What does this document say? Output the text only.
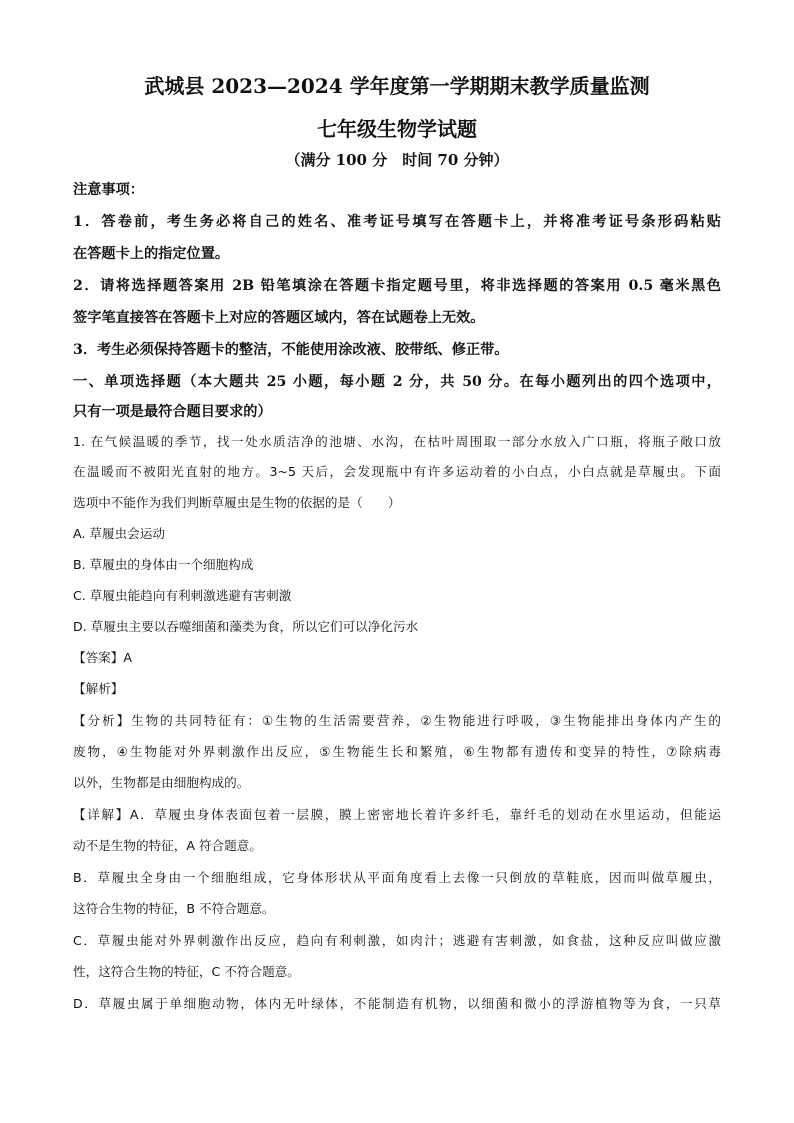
武城县 2023—2024 学年度第一学期期末教学质量监测
七年级生物学试题
（满分 100 分　时间 70 分钟）
注意事项：
1．答卷前，考生务必将自己的姓名、准考证号填写在答题卡上，并将准考证号条形码粘贴
在答题卡上的指定位置。
2．请将选择题答案用 2B 铅笔填涂在答题卡指定题号里，将非选择题的答案用 0.5 毫米黑色
签字笔直接答在答题卡上对应的答题区域内，答在试题卷上无效。
3．考生必须保持答题卡的整洁，不能使用涂改液、胶带纸、修正带。
一、单项选择题（本大题共 25 小题，每小题 2 分，共 50 分。在每小题列出的四个选项中，
只有一项是最符合题目要求的）
1. 在气候温暖的季节，找一处水质洁净的池塘、水沟，在枯叶周围取一部分水放入广口瓶，将瓶子敞口放
在温暖而不被阳光直射的地方。3~5 天后，会发现瓶中有许多运动着的小白点，小白点就是草履虫。下面
选项中不能作为我们判断草履虫是生物的依据的是（　　）
A. 草履虫会运动
B. 草履虫的身体由一个细胞构成
C. 草履虫能趋向有利刺激逃避有害刺激
D. 草履虫主要以吞噬细菌和藻类为食，所以它们可以净化污水
【答案】A
【解析】
【分析】生物的共同特征有：①生物的生活需要营养，②生物能进行呼吸，③生物能排出身体内产生的
废物，④生物能对外界刺激作出反应，⑤生物能生长和繁殖，⑥生物都有遗传和变异的特性，⑦除病毒
以外，生物都是由细胞构成的。
【详解】A．草履虫身体表面包着一层膜，膜上密密地长着许多纤毛，靠纤毛的划动在水里运动，但能运
动不是生物的特征，A 符合题意。
B．草履虫全身由一个细胞组成，它身体形状从平面角度看上去像一只倒放的草鞋底，因而叫做草履虫，
这符合生物的特征，B 不符合题意。
C．草履虫能对外界刺激作出反应，趋向有利刺激，如肉汁；逃避有害刺激，如食盐，这种反应叫做应激
性，这符合生物的特征，C 不符合题意。
D．草履虫属于单细胞动物，体内无叶绿体，不能制造有机物，以细菌和微小的浮游植物等为食，一只草
